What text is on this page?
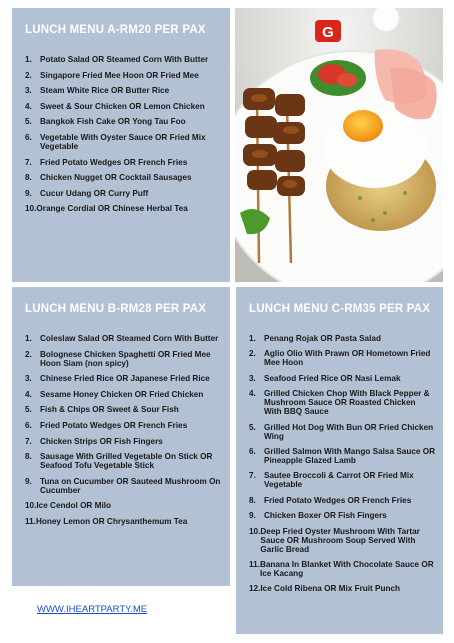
LUNCH MENU A-RM20 PER PAX
1. Potato Salad OR Steamed Corn With Butter
2. Singapore Fried Mee Hoon OR Fried Mee
3. Steam White Rice OR Butter Rice
4. Sweet & Sour Chicken OR Lemon Chicken
5. Bangkok Fish Cake OR Yong Tau Foo
6. Vegetable With Oyster Sauce OR Fried Mix Vegetable
7. Fried Potato Wedges OR French Fries
8. Chicken Nugget OR Cocktail Sausages
9. Cucur Udang OR Curry Puff
10. Orange Cordial OR Chinese Herbal Tea
G
LUNCH MENU B-RM28 PER PAX
1. Coleslaw Salad OR Steamed Corn With Butter
2. Bolognese Chicken Spaghetti OR Fried Mee Hoon Siam (non spicy)
3. Chinese Fried Rice OR Japanese Fried Rice
4. Sesame Honey Chicken OR Fried Chicken
5. Fish & Chips OR Sweet & Sour Fish
6. Fried Potato Wedges OR French Fries
7. Chicken Strips OR Fish Fingers
8. Sausage With Grilled Vegetable On Stick OR Seafood Tofu Vegetable Stick
9. Tuna on Cucumber OR Sauteed Mushroom On Cucumber
10. Ice Cendol OR Milo
11. Honey Lemon OR Chrysanthemum Tea
LUNCH MENU C-RM35 PER PAX
1. Penang Rojak OR Pasta Salad
2. Aglio Olio With Prawn OR Hometown Fried Mee Hoon
3. Seafood Fried Rice OR Nasi Lemak
4. Grilled Chicken Chop With Black Pepper & Mushroom Sauce OR Roasted Chicken With BBQ Sauce
5. Grilled Hot Dog With Bun OR Fried Chicken Wing
6. Grilled Salmon With Mango Salsa Sauce OR Pineapple Glazed Lamb
7. Sautee Broccoli & Carrot OR Fried Mix Vegetable
8. Fried Potato Wedges OR French Fries
9. Chicken Boxer OR Fish Fingers
10. Deep Fried Oyster Mushroom With Tartar Sauce OR Mushroom Soup Served With Garlic Bread
11. Banana In Blanket With Chocolate Sauce OR Ice Kacang
12. Ice Cold Ribena OR Mix Fruit Punch
WWW.IHEARTPARTY.ME
